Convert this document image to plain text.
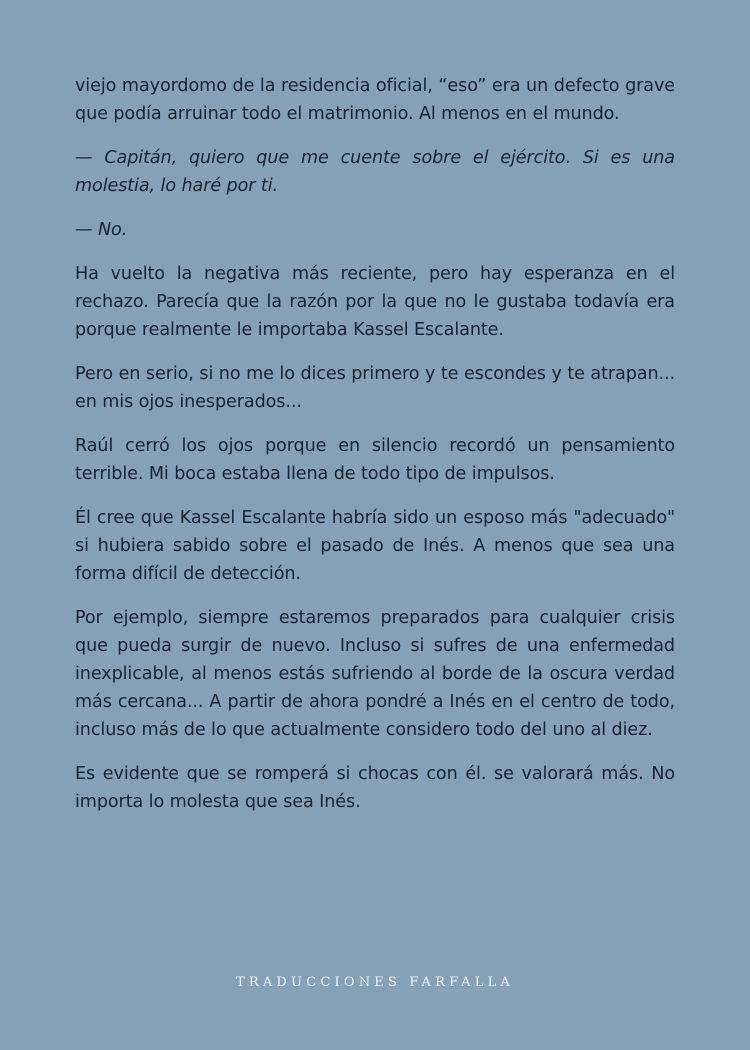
viejo mayordomo de la residencia oficial, “eso” era un defecto grave que podía arruinar todo el matrimonio. Al menos en el mundo.

— Capitán, quiero que me cuente sobre el ejército. Si es una molestia, lo haré por ti.

— No.

Ha vuelto la negativa más reciente, pero hay esperanza en el rechazo. Parecía que la razón por la que no le gustaba todavía era porque realmente le importaba Kassel Escalante.

Pero en serio, si no me lo dices primero y te escondes y te atrapan... en mis ojos inesperados...

Raúl cerró los ojos porque en silencio recordó un pensamiento terrible. Mi boca estaba llena de todo tipo de impulsos.

Él cree que Kassel Escalante habría sido un esposo más "adecuado" si hubiera sabido sobre el pasado de Inés. A menos que sea una forma difícil de detección.

Por ejemplo, siempre estaremos preparados para cualquier crisis que pueda surgir de nuevo. Incluso si sufres de una enfermedad inexplicable, al menos estás sufriendo al borde de la oscura verdad más cercana... A partir de ahora pondré a Inés en el centro de todo, incluso más de lo que actualmente considero todo del uno al diez.

Es evidente que se romperá si chocas con él. se valorará más. No importa lo molesta que sea Inés.

TRADUCCIONES FARFALLA
